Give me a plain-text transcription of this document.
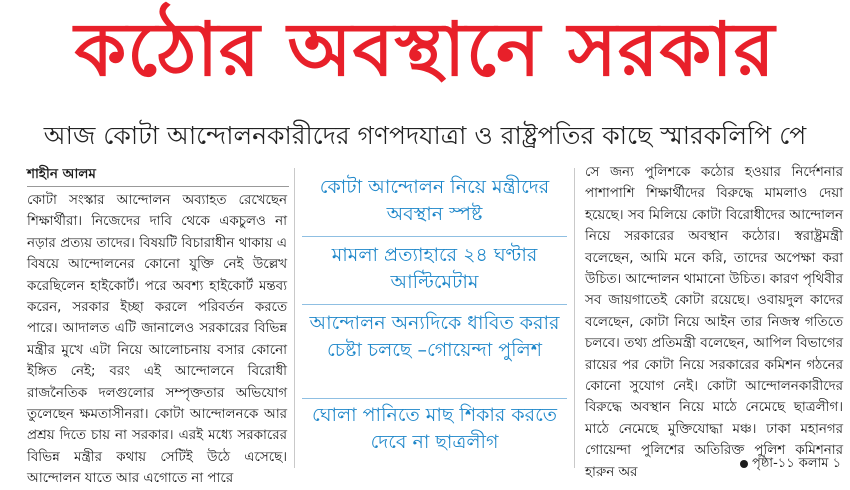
কঠোর অবস্থানে সরকার
আজ কোটা আন্দোলনকারীদের গণপদযাত্রা ও রাষ্ট্রপতির কাছে স্মারকলিপি পে
শাহীন আলম
কোটা সংস্কার আন্দোলন অব্যাহত রেখেছেন শিক্ষার্থীরা। নিজেদের দাবি থেকে একচুলও না নড়ার প্রত্যয় তাদের। বিষয়টি বিচারাধীন থাকায় এ বিষয়ে আন্দোলনের কোনো যুক্তি নেই উল্লেখ করেছিলেন হাইকোর্ট। পরে অবশ্য হাইকোর্ট মন্তব্য করেন, সরকার ইচ্ছা করলে পরিবর্তন করতে পারে। আদালত এটি জানালেও সরকারের বিভিন্ন মন্ত্রীর মুখে এটা নিয়ে আলোচনায় বসার কোনো ইঙ্গিত নেই; বরং এই আন্দোলনে বিরোধী রাজনৈতিক দলগুলোর সম্পৃক্ততার অভিযোগ তুলেছেন ক্ষমতাসীনরা। কোটা আন্দোলনকে আর প্রশ্রয় দিতে চায় না সরকার। এরই মধ্যে সরকারের বিভিন্ন মন্ত্রীর কথায় সেটিই উঠে এসেছে। আন্দোলন যাতে আর এগোতে না পারে
কোটা আন্দোলন নিয়ে মন্ত্রীদের অবস্থান স্পষ্ট
মামলা প্রত্যাহারে ২৪ ঘণ্টার আল্টিমেটাম
আন্দোলন অন্যদিকে ধাবিত করার চেষ্টা চলছে –গোয়েন্দা পুলিশ
ঘোলা পানিতে মাছ শিকার করতে দেবে না ছাত্রলীগ
সে জন্য পুলিশকে কঠোর হওয়ার নির্দেশনার পাশাপাশি শিক্ষার্থীদের বিরুদ্ধে মামলাও দেয়া হয়েছে। সব মিলিয়ে কোটা বিরোধীদের আন্দোলন নিয়ে সরকারের অবস্থান কঠোর। স্বরাষ্ট্রমন্ত্রী বলেছেন, আমি মনে করি, তাদের অপেক্ষা করা উচিত। আন্দোলন থামানো উচিত। কারণ পৃথিবীর সব জায়গাতেই কোটা রয়েছে। ওবায়দুল কাদের বলেছেন, কোটা নিয়ে আইন তার নিজস্ব গতিতে চলবে। তথ্য প্রতিমন্ত্রী বলেছেন, আপিল বিভাগের রায়ের পর কোটা নিয়ে সরকারের কমিশন গঠনের কোনো সুযোগ নেই। কোটা আন্দোলনকারীদের বিরুদ্ধে অবস্থান নিয়ে মাঠে নেমেছে ছাত্রলীগ। মাঠে নেমেছে মুক্তিযোদ্ধা মঞ্চ। ঢাকা মহানগর গোয়েন্দা পুলিশের অতিরিক্ত পুলিশ কমিশনার হারুন অর
পৃষ্ঠা-১১ কলাম ১
